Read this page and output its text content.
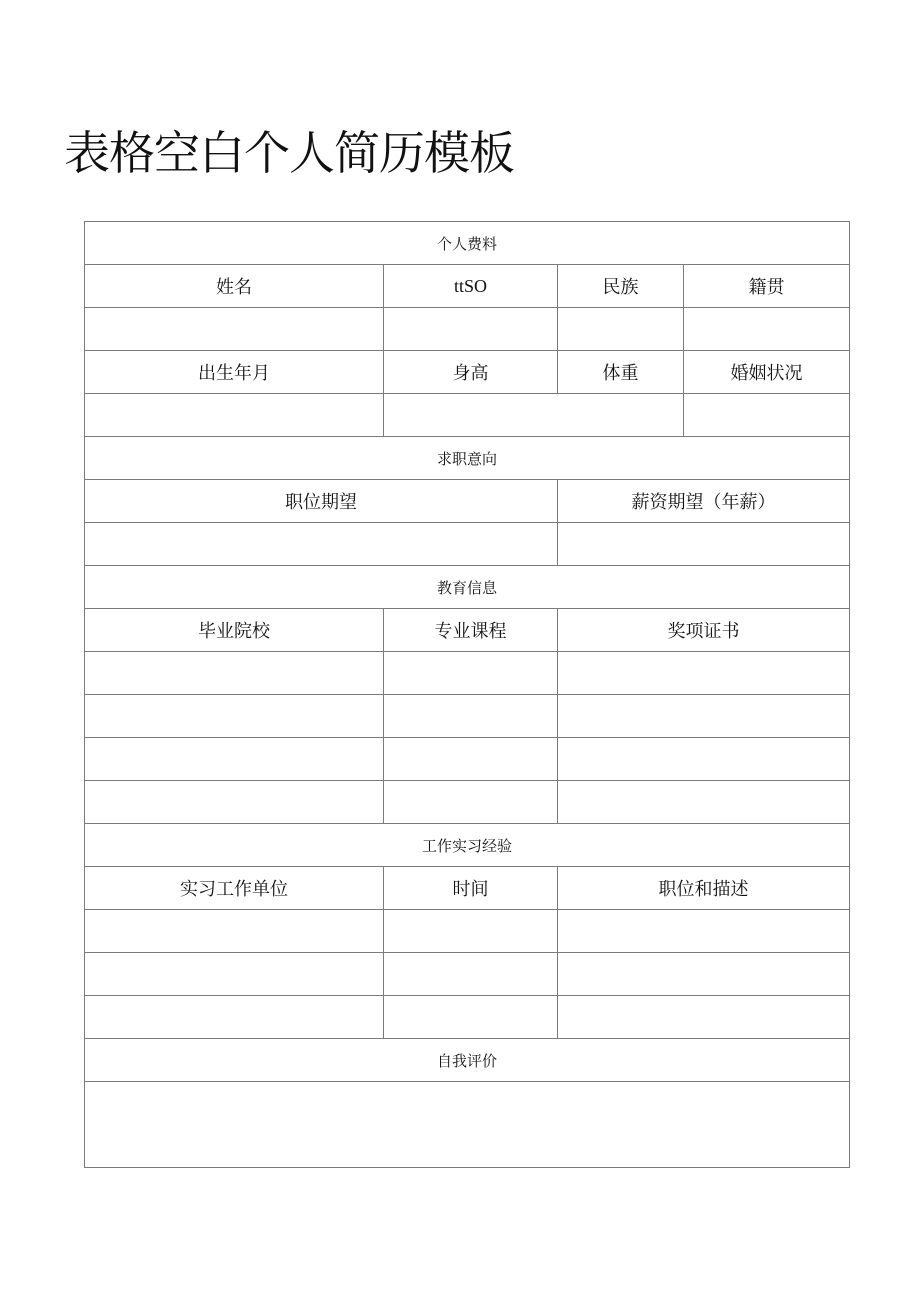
表格空白个人简历模板
个人费料			
姓名	ttSO	民族	籍贯

出生年月	身高	体重	婚姻状况

求职意向			
职位期望		薪资期望（年薪）	

教育信息			
毕业院校	专业课程	奖项证书	

工作实习经验			
实习工作单位	时间	职位和描述	

自我评价			
